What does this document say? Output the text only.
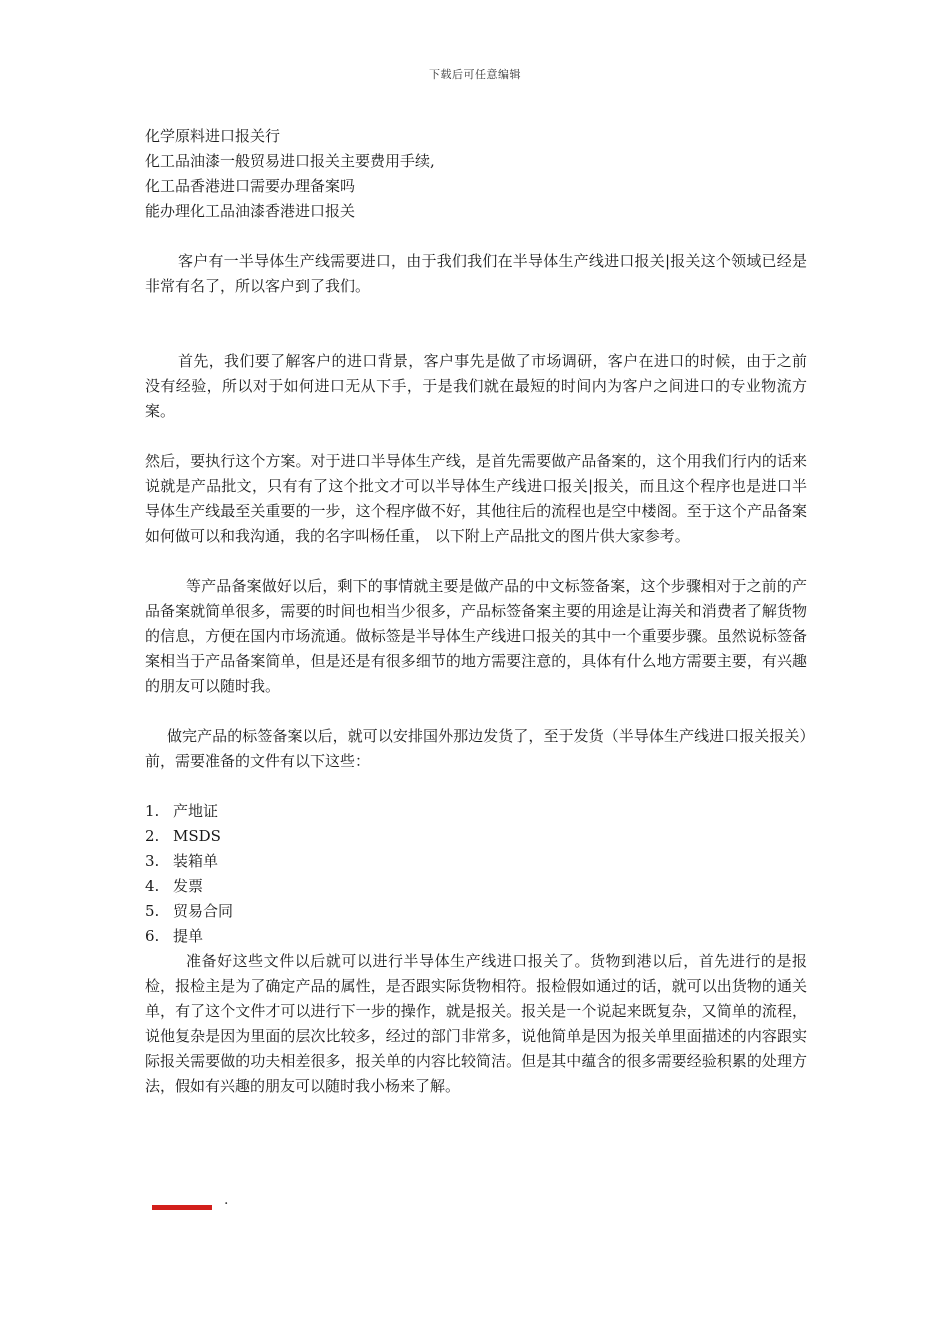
下载后可任意编辑
化学原料进口报关行
化工品油漆一般贸易进口报关主要费用手续,
化工品香港进口需要办理备案吗
能办理化工品油漆香港进口报关

客户有一半导体生产线需要进口，由于我们我们在半导体生产线进口报关|报关这个领域已经是非常有名了，所以客户到了我们。

首先，我们要了解客户的进口背景，客户事先是做了市场调研，客户在进口的时候，由于之前没有经验，所以对于如何进口无从下手，于是我们就在最短的时间内为客户之间进口的专业物流方案。

然后，要执行这个方案。对于进口半导体生产线，是首先需要做产品备案的，这个用我们行内的话来说就是产品批文，只有有了这个批文才可以半导体生产线进口报关|报关，而且这个程序也是进口半导体生产线最至关重要的一步，这个程序做不好，其他往后的流程也是空中楼阁。至于这个产品备案如何做可以和我沟通，我的名字叫杨任重， 以下附上产品批文的图片供大家参考。

等产品备案做好以后，剩下的事情就主要是做产品的中文标签备案，这个步骤相对于之前的产品备案就简单很多，需要的时间也相当少很多，产品标签备案主要的用途是让海关和消费者了解货物的信息，方便在国内市场流通。做标签是半导体生产线进口报关的其中一个重要步骤。虽然说标签备案相当于产品备案简单，但是还是有很多细节的地方需要注意的，具体有什么地方需要主要，有兴趣的朋友可以随时我。

做完产品的标签备案以后，就可以安排国外那边发货了，至于发货（半导体生产线进口报关报关）前，需要准备的文件有以下这些：

1. 产地证
2. MSDS
3. 装箱单
4. 发票
5. 贸易合同
6. 提单

准备好这些文件以后就可以进行半导体生产线进口报关了。货物到港以后，首先进行的是报检，报检主是为了确定产品的属性，是否跟实际货物相符。报检假如通过的话，就可以出货物的通关单，有了这个文件才可以进行下一步的操作，就是报关。报关是一个说起来既复杂，又简单的流程，说他复杂是因为里面的层次比较多，经过的部门非常多，说他简单是因为报关单里面描述的内容跟实际报关需要做的功夫相差很多，报关单的内容比较简洁。但是其中蕴含的很多需要经验积累的处理方法，假如有兴趣的朋友可以随时我小杨来了解。

·
